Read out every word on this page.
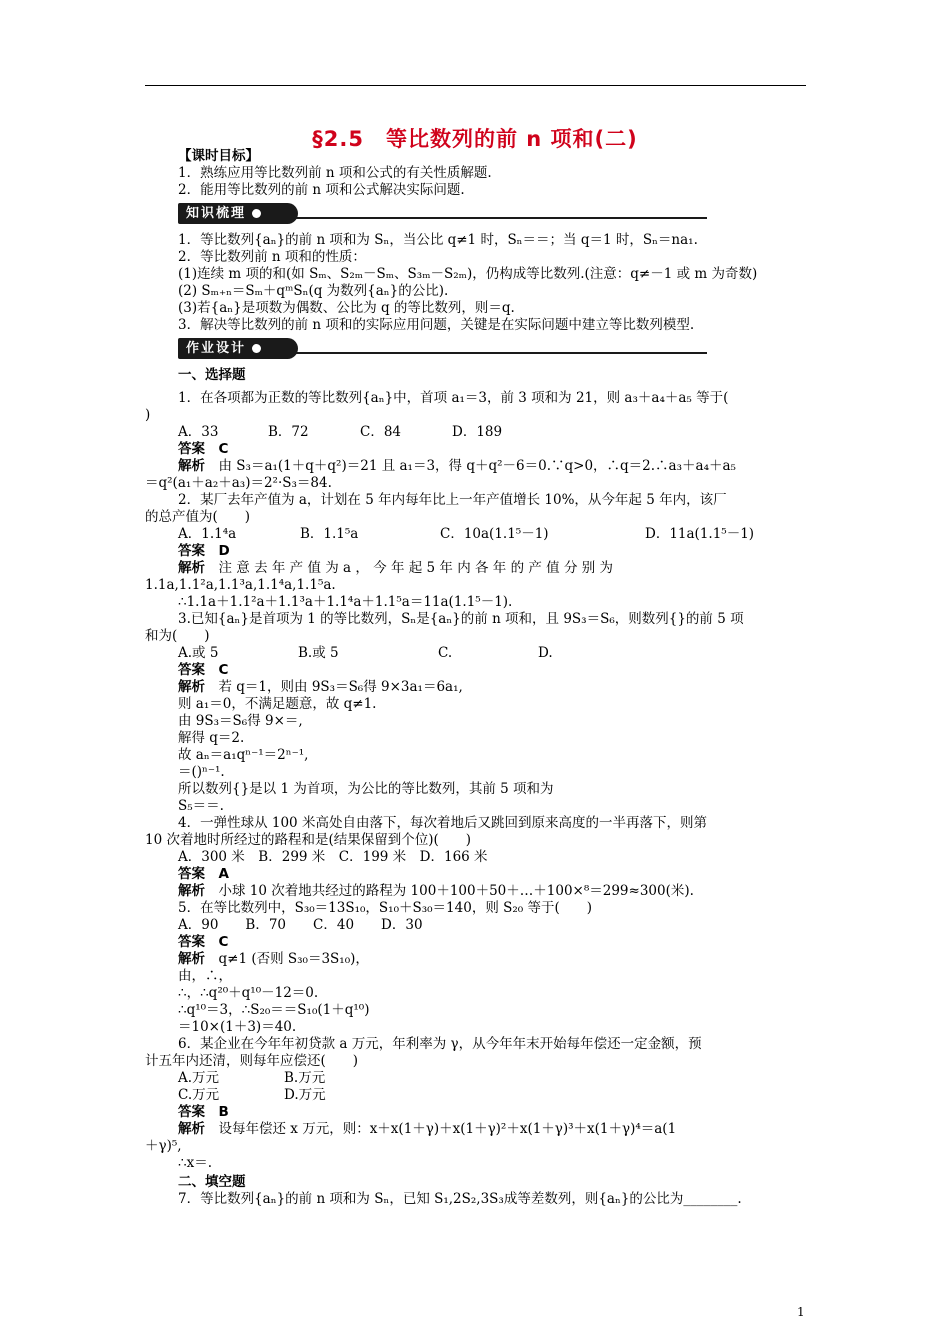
§2.5　等比数列的前 n 项和(二)

【课时目标】

1．熟练应用等比数列前 n 项和公式的有关性质解题.

2．能用等比数列的前 n 项和公式解决实际问题.

知识梳理

1．等比数列{aₙ}的前 n 项和为 Sₙ，当公比 q≠1 时，Sₙ＝＝；当 q＝1 时，Sₙ＝na₁.

2．等比数列前 n 项和的性质：

(1)连续 m 项的和(如 Sₘ、S₂ₘ－Sₘ、S₃ₘ－S₂ₘ)，仍构成等比数列.(注意：q≠－1 或 m 为奇数)

(2) Sₘ₊ₙ＝Sₘ＋qᵐSₙ(q 为数列{aₙ}的公比).

(3)若{aₙ}是项数为偶数、公比为 q 的等比数列，则＝q.

3．解决等比数列的前 n 项和的实际应用问题，关键是在实际问题中建立等比数列模型.

作业设计

一、选择题

1．在各项都为正数的等比数列{aₙ}中，首项 a₁＝3，前 3 项和为 21，则 a₃＋a₄＋a₅ 等于(

)

A．33	B．72	C．84	D．189

答案　C

解析　 由 S₃＝a₁(1＋q＋q²)＝21 且 a₁＝3，得 q＋q²－6＝0.∵q>0，∴q＝2.∴a₃＋a₄＋a₅

＝q²(a₁＋a₂＋a₃)＝2²·S₃＝84.

2．某厂去年产值为 a，计划在 5 年内每年比上一年产值增长 10%，从今年起 5 年内，该厂

的总产值为(　　)

A．1.1⁴a	B．1.1⁵a	C．10a(1.1⁵－1)	D．11a(1.1⁵－1)

答案　D

解析　 注 意 去 年 产 值 为 a ， 今 年 起 5 年 内 各 年 的 产 值 分 别 为

1.1a,1.1²a,1.1³a,1.1⁴a,1.1⁵a.

∴1.1a＋1.1²a＋1.1³a＋1.1⁴a＋1.1⁵a＝11a(1.1⁵－1).

3.已知{aₙ}是首项为 1 的等比数列，Sₙ是{aₙ}的前 n 项和，且 9S₃＝S₆，则数列{}的前 5 项

和为(　　)

A.或 5	B.或 5	C.	D.

答案　C

解析　 若 q＝1，则由 9S₃＝S₆得 9×3a₁＝6a₁,

则 a₁＝0，不满足题意，故 q≠1.

由 9S₃＝S₆得 9×＝,

解得 q＝2.

故 aₙ＝a₁qⁿ⁻¹＝2ⁿ⁻¹,

＝()ⁿ⁻¹.

所以数列{}是以 1 为首项，为公比的等比数列，其前 5 项和为

S₅＝＝.

4．一弹性球从 100 米高处自由落下，每次着地后又跳回到原来高度的一半再落下，则第

10 次着地时所经过的路程和是(结果保留到个位)(　　)

A．300 米　B．299 米　C．199 米　D．166 米

答案　A

解析　 小球 10 次着地共经过的路程为 100＋100＋50＋…＋100×⁸＝299≈300(米).

5．在等比数列中，S₃₀＝13S₁₀，S₁₀＋S₃₀＝140，则 S₂₀ 等于(　　)

A．90　　B．70　　C．40　　D．30

答案　C

解析　 q≠1 (否则 S₃₀＝3S₁₀)，

由，∴，

∴，∴q²⁰＋q¹⁰－12＝0.

∴q¹⁰＝3，∴S₂₀＝＝S₁₀(1＋q¹⁰)

＝10×(1＋3)＝40.

6．某企业在今年年初贷款 a 万元，年利率为 γ，从今年年末开始每年偿还一定金额，预

计五年内还清，则每年应偿还(　　)

A.万元	B.万元

C.万元	D.万元

答案　B

解析　 设每年偿还 x 万元，则：x＋x(1＋γ)＋x(1＋γ)²＋x(1＋γ)³＋x(1＋γ)⁴＝a(1

＋γ)⁵,

∴x＝.

二、填空题

7．等比数列{aₙ}的前 n 项和为 Sₙ，已知 S₁,2S₂,3S₃成等差数列，则{aₙ}的公比为________.

1
